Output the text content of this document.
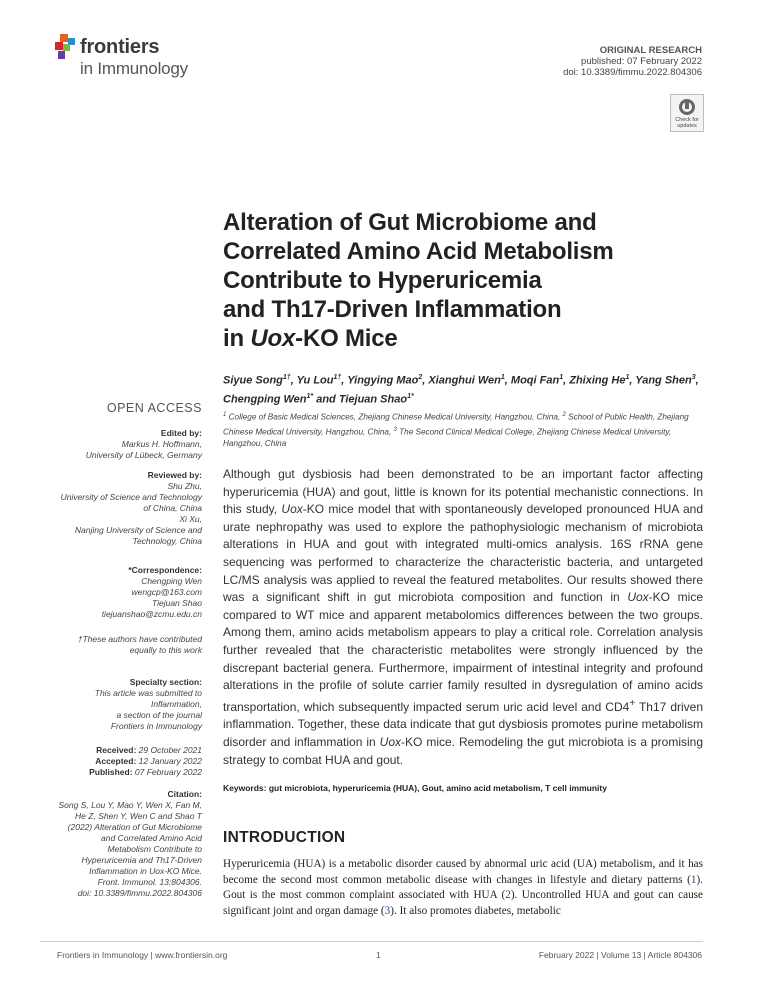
frontiers
in Immunology
ORIGINAL RESEARCH
published: 07 February 2022
doi: 10.3389/fimmu.2022.804306
Check for
updates
Alteration of Gut Microbiome and
Correlated Amino Acid Metabolism
Contribute to Hyperuricemia
and Th17-Driven Inflammation
in Uox-KO Mice
Siyue Song$^{1\dagger}$, Yu Lou$^{1\dagger}$, Yingying Mao$^2$, Xianghui Wen$^1$, Moqi Fan$^1$, Zhixing He$^1$, Yang Shen$^3$, Chengping Wen$^{1*}$ and Tiejuan Shao$^{1*}$
$^1$ College of Basic Medical Sciences, Zhejiang Chinese Medical University, Hangzhou, China, $^2$ School of Public Health, Zhejiang Chinese Medical University, Hangzhou, China, $^3$ The Second Clinical Medical College, Zhejiang Chinese Medical University, Hangzhou, China
OPEN ACCESS
Edited by:
Markus H. Hoffmann,
University of Lübeck, Germany
Reviewed by:
Shu Zhu,
University of Science and Technology
of China, China
Xi Xu,
Nanjing University of Science and
Technology, China
*Correspondence:
Chengping Wen
wengcp@163.com
Tiejuan Shao
tiejuanshao@zcmu.edu.cn
†These authors have contributed
equally to this work
Specialty section:
This article was submitted to
Inflammation,
a section of the journal
Frontiers in Immunology
Received: 29 October 2021
Accepted: 12 January 2022
Published: 07 February 2022
Citation:
Song S, Lou Y, Mao Y, Wen X, Fan M,
He Z, Shen Y, Wen C and Shao T
(2022) Alteration of Gut Microbiome
and Correlated Amino Acid
Metabolism Contribute to
Hyperuricemia and Th17-Driven
Inflammation in Uox-KO Mice.
Front. Immunol. 13:804306.
doi: 10.3389/fimmu.2022.804306
Although gut dysbiosis had been demonstrated to be an important factor affecting hyperuricemia (HUA) and gout, little is known for its potential mechanistic connections. In this study, Uox-KO mice model that with spontaneously developed pronounced HUA and urate nephropathy was used to explore the pathophysiologic mechanism of microbiota alterations in HUA and gout with integrated multi-omics analysis. 16S rRNA gene sequencing was performed to characterize the characteristic bacteria, and untargeted LC/MS analysis was applied to reveal the featured metabolites. Our results showed there was a significant shift in gut microbiota composition and function in Uox-KO mice compared to WT mice and apparent metabolomics differences between the two groups. Among them, amino acids metabolism appears to play a critical role. Correlation analysis further revealed that the characteristic metabolites were strongly influenced by the discrepant bacterial genera. Furthermore, impairment of intestinal integrity and profound alterations in the profile of solute carrier family resulted in dysregulation of amino acids transportation, which subsequently impacted serum uric acid level and CD4+ Th17 driven inflammation. Together, these data indicate that gut dysbiosis promotes purine metabolism disorder and inflammation in Uox-KO mice. Remodeling the gut microbiota is a promising strategy to combat HUA and gout.
Keywords: gut microbiota, hyperuricemia (HUA), Gout, amino acid metabolism, T cell immunity
INTRODUCTION
Hyperuricemia (HUA) is a metabolic disorder caused by abnormal uric acid (UA) metabolism, and it has become the second most common metabolic disease with changes in lifestyle and dietary patterns (1). Gout is the most common complaint associated with HUA (2). Uncontrolled HUA and gout can cause significant joint and organ damage (3). It also promotes diabetes, metabolic
Frontiers in Immunology | www.frontiersin.org	1	February 2022 | Volume 13 | Article 804306
